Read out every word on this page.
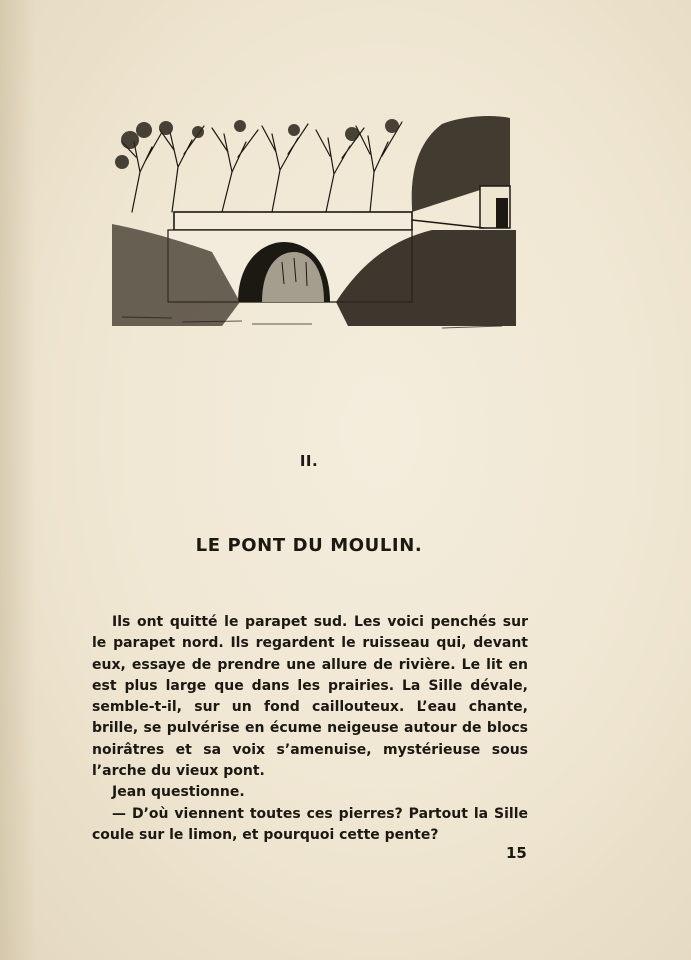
II.
LE PONT DU MOULIN.

Ils ont quitté le parapet sud. Les voici penchés sur le parapet nord. Ils regardent le ruisseau qui, devant eux, essaye de prendre une allure de rivière. Le lit en est plus large que dans les prairies. La Sille dévale, semble-t-il, sur un fond caillouteux. L’eau chante, brille, se pulvérise en écume neigeuse autour de blocs noirâtres et sa voix s’amenuise, mystérieuse sous l’arche du vieux pont.

Jean questionne.

— D’où viennent toutes ces pierres? Partout la Sille coule sur le limon, et pourquoi cette pente?

15
